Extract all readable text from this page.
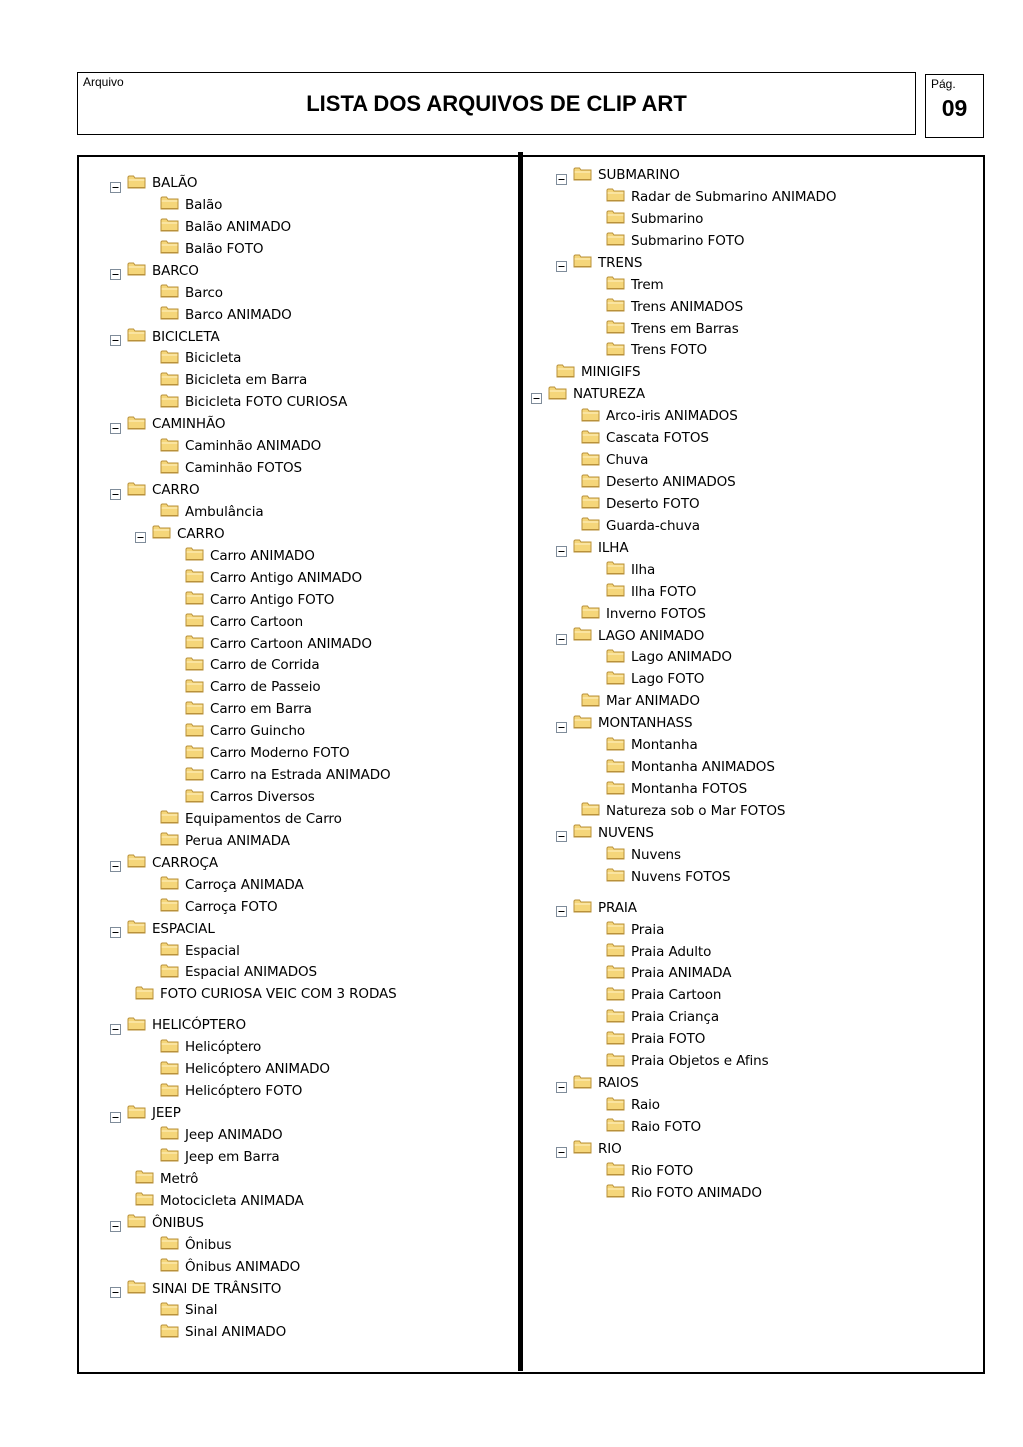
Arquivo
LISTA DOS ARQUIVOS DE CLIP ART
Pág.
09
BALÃO
Balão
Balão ANIMADO
Balão FOTO
BARCO
Barco
Barco ANIMADO
BICICLETA
Bicicleta
Bicicleta em Barra
Bicicleta FOTO CURIOSA
CAMINHÃO
Caminhão ANIMADO
Caminhão FOTOS
CARRO
Ambulância
CARRO
Carro ANIMADO
Carro Antigo ANIMADO
Carro Antigo FOTO
Carro Cartoon
Carro Cartoon ANIMADO
Carro de Corrida
Carro de Passeio
Carro em Barra
Carro Guincho
Carro Moderno FOTO
Carro na Estrada ANIMADO
Carros Diversos
Equipamentos de Carro
Perua ANIMADA
CARROÇA
Carroça ANIMADA
Carroça FOTO
ESPACIAL
Espacial
Espacial ANIMADOS
FOTO CURIOSA VEIC COM 3 RODAS
HELICÓPTERO
Helicóptero
Helicóptero ANIMADO
Helicóptero FOTO
JEEP
Jeep ANIMADO
Jeep em Barra
Metrô
Motocicleta ANIMADA
ÔNIBUS
Ônibus
Ônibus ANIMADO
SINAl DE TRÂNSITO
Sinal
Sinal ANIMADO
SUBMARINO
Radar de Submarino ANIMADO
Submarino
Submarino FOTO
TRENS
Trem
Trens ANIMADOS
Trens em Barras
Trens FOTO
MINIGIFS
NATUREZA
Arco-iris ANIMADOS
Cascata FOTOS
Chuva
Deserto ANIMADOS
Deserto FOTO
Guarda-chuva
ILHA
Ilha
Ilha FOTO
Inverno FOTOS
LAGO ANIMADO
Lago ANIMADO
Lago FOTO
Mar ANIMADO
MONTANHASS
Montanha
Montanha ANIMADOS
Montanha FOTOS
Natureza sob o Mar FOTOS
NUVENS
Nuvens
Nuvens FOTOS
PRAIA
Praia
Praia Adulto
Praia ANIMADA
Praia Cartoon
Praia Criança
Praia FOTO
Praia Objetos e Afins
RAIOS
Raio
Raio FOTO
RIO
Rio FOTO
Rio FOTO ANIMADO
